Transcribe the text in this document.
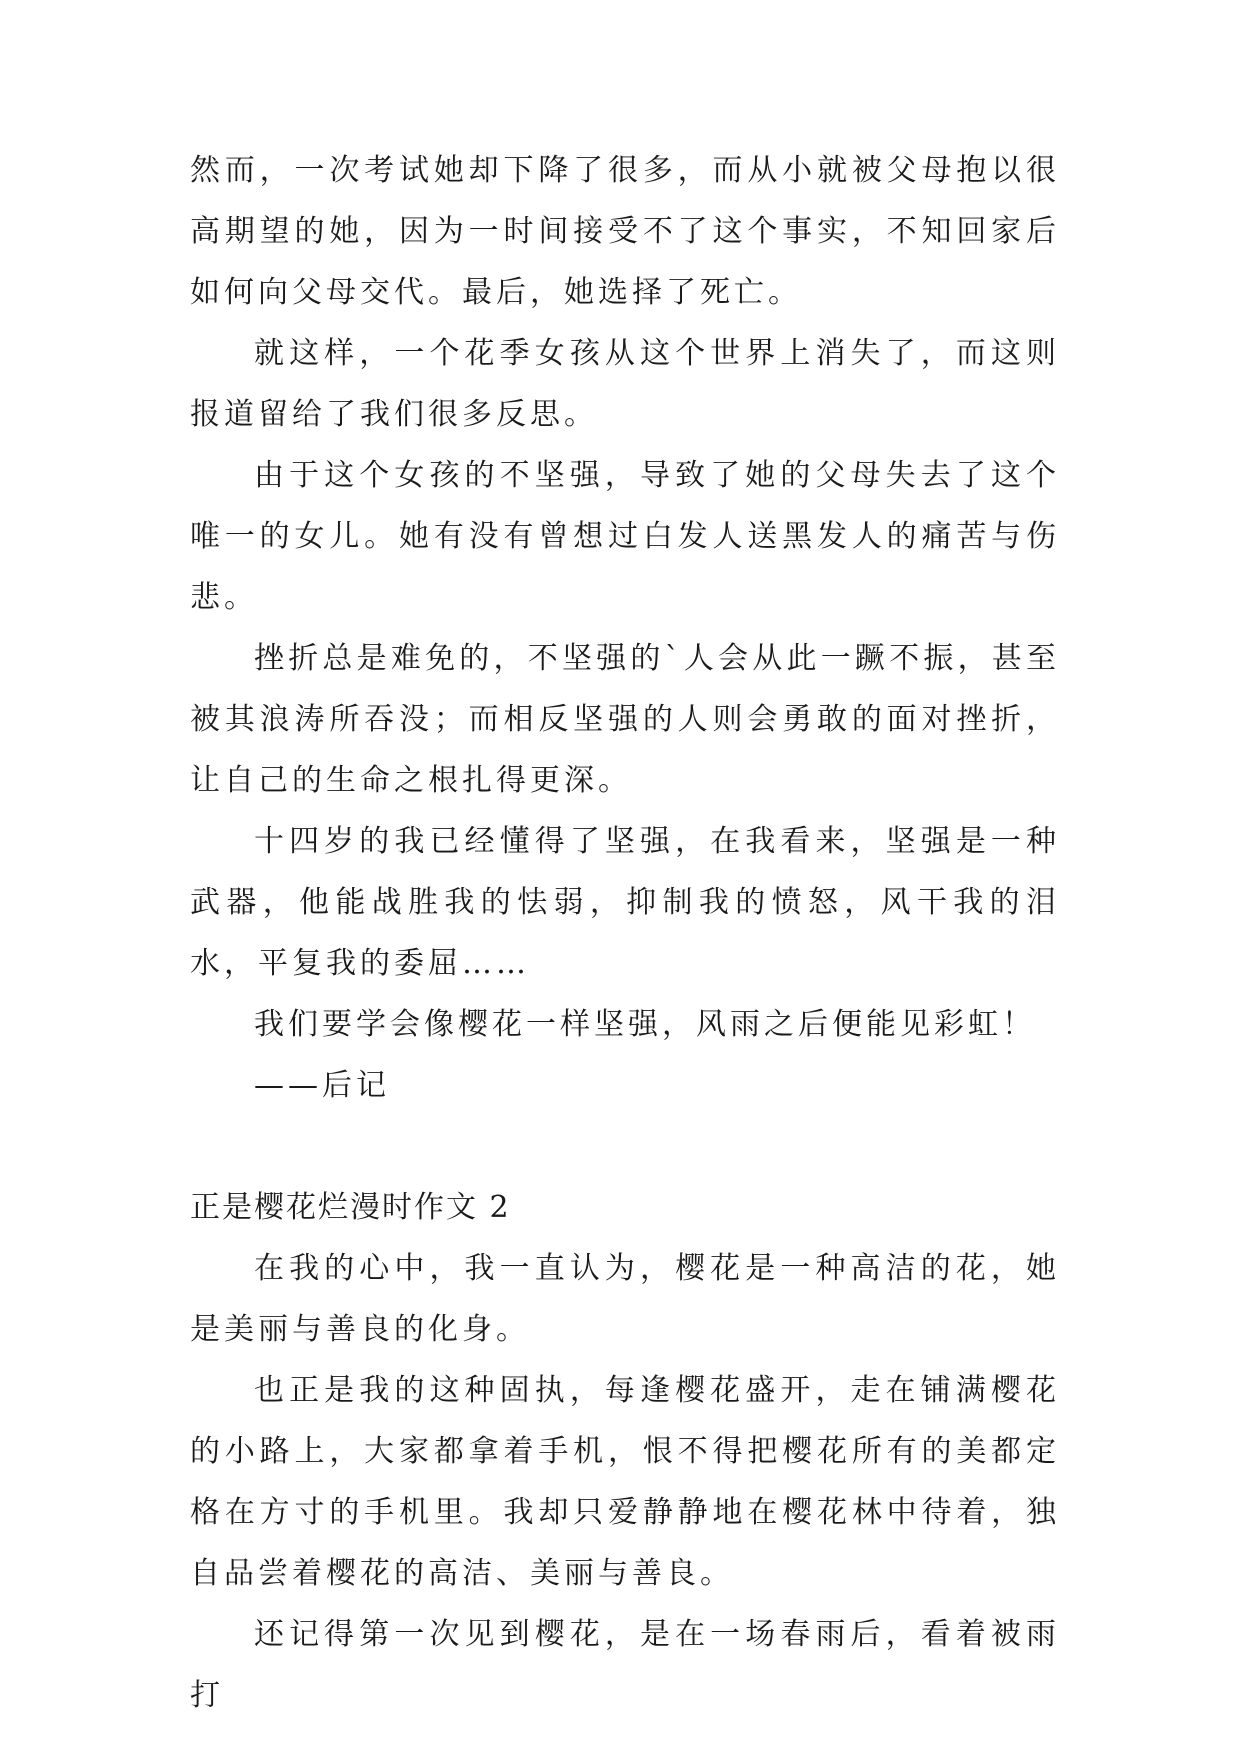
然而，一次考试她却下降了很多，而从小就被父母抱以很高期望的她，因为一时间接受不了这个事实，不知回家后如何向父母交代。最后，她选择了死亡。

就这样，一个花季女孩从这个世界上消失了，而这则报道留给了我们很多反思。

由于这个女孩的不坚强，导致了她的父母失去了这个唯一的女儿。她有没有曾想过白发人送黑发人的痛苦与伤悲。

挫折总是难免的，不坚强的`人会从此一蹶不振，甚至被其浪涛所吞没；而相反坚强的人则会勇敢的面对挫折，让自己的生命之根扎得更深。

十四岁的我已经懂得了坚强，在我看来，坚强是一种武器，他能战胜我的怯弱，抑制我的愤怒，风干我的泪水，平复我的委屈……

我们要学会像樱花一样坚强，风雨之后便能见彩虹！

——后记

正是樱花烂漫时作文 2

在我的心中，我一直认为，樱花是一种高洁的花，她是美丽与善良的化身。

也正是我的这种固执，每逢樱花盛开，走在铺满樱花的小路上，大家都拿着手机，恨不得把樱花所有的美都定格在方寸的手机里。我却只爱静静地在樱花林中待着，独自品尝着樱花的高洁、美丽与善良。

还记得第一次见到樱花，是在一场春雨后，看着被雨打
